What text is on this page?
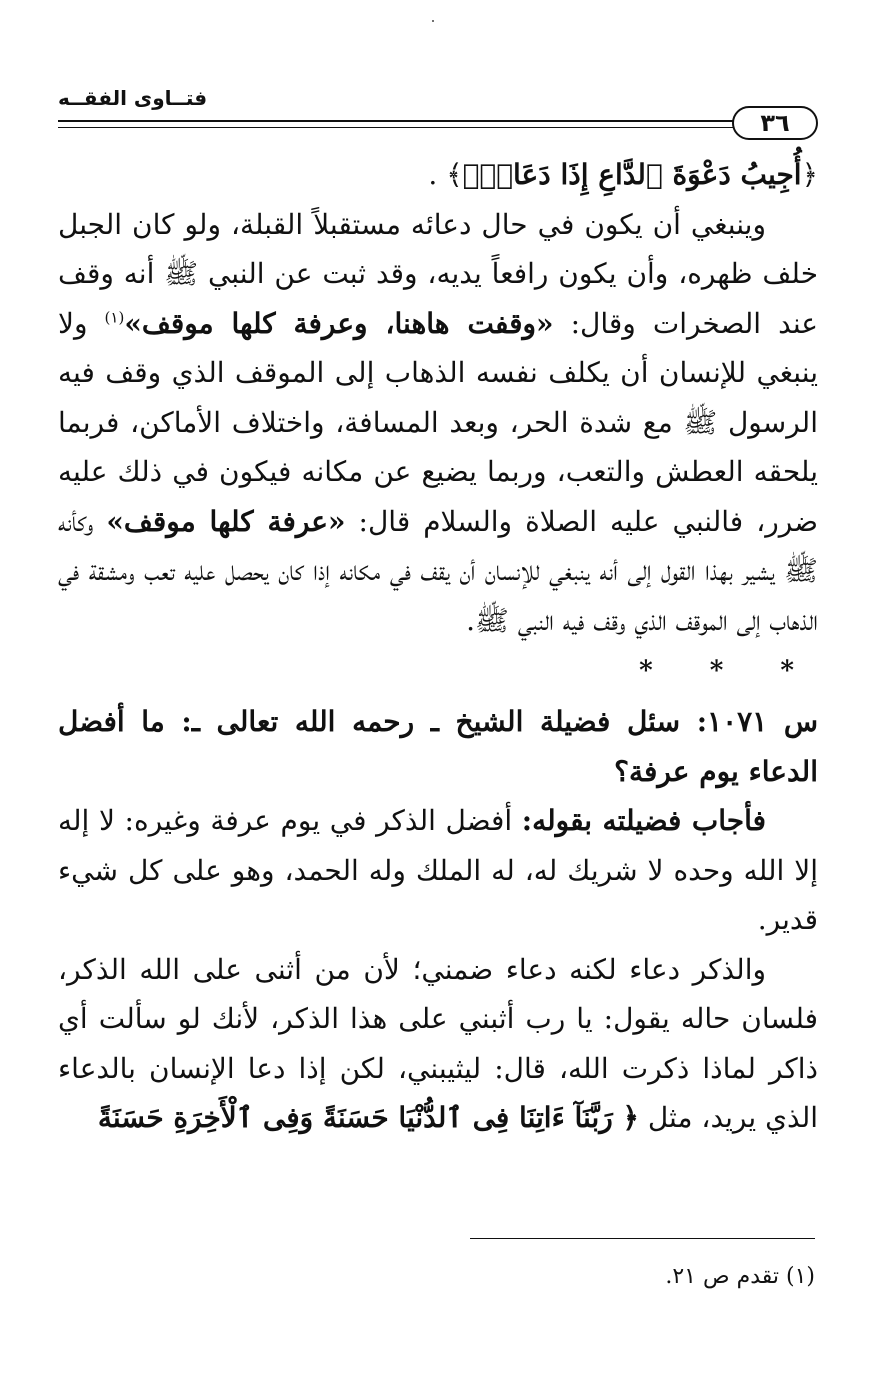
٣٦
فتــاوى الفقــه

﴿أُجِيبُ دَعْوَةَ ٱلدَّاعِ إِذَا دَعَانِۖ﴾ .

وينبغي أن يكون في حال دعائه مستقبلاً القبلة، ولو كان الجبل خلف ظهره، وأن يكون رافعاً يديه، وقد ثبت عن النبي ﷺ أنه وقف عند الصخرات وقال: «وقفت هاهنا، وعرفة كلها موقف»$^{(١)}$ ولا ينبغي للإنسان أن يكلف نفسه الذهاب إلى الموقف الذي وقف فيه الرسول ﷺ مع شدة الحر، وبعد المسافة، واختلاف الأماكن، فربما يلحقه العطش والتعب، وربما يضيع عن مكانه فيكون في ذلك عليه ضرر، فالنبي عليه الصلاة والسلام قال: «عرفة كلها موقف» وكأنه ﷺ يشير بهذا القول إلى أنه ينبغي للإنسان أن يقف في مكانه إذا كان يحصل عليه تعب ومشقة في الذهاب إلى الموقف الذي وقف فيه النبي ﷺ.

* * *

س ١٠٧١: سئل فضيلة الشيخ ـ رحمه الله تعالى ـ: ما أفضل الدعاء يوم عرفة؟

فأجاب فضيلته بقوله: أفضل الذكر في يوم عرفة وغيره: لا إله إلا الله وحده لا شريك له، له الملك وله الحمد، وهو على كل شيء قدير.

والذكر دعاء لكنه دعاء ضمني؛ لأن من أثنى على الله الذكر، فلسان حاله يقول: يا رب أثبني على هذا الذكر، لأنك لو سألت أي ذاكر لماذا ذكرت الله، قال: ليثيبني، لكن إذا دعا الإنسان بالدعاء الذي يريد، مثل ﴿ رَبَّنَآ ءَاتِنَا فِى ٱلدُّنْيَا حَسَنَةً وَفِى ٱلْأَخِرَةِ حَسَنَةً

(١) تقدم ص ٢١.
